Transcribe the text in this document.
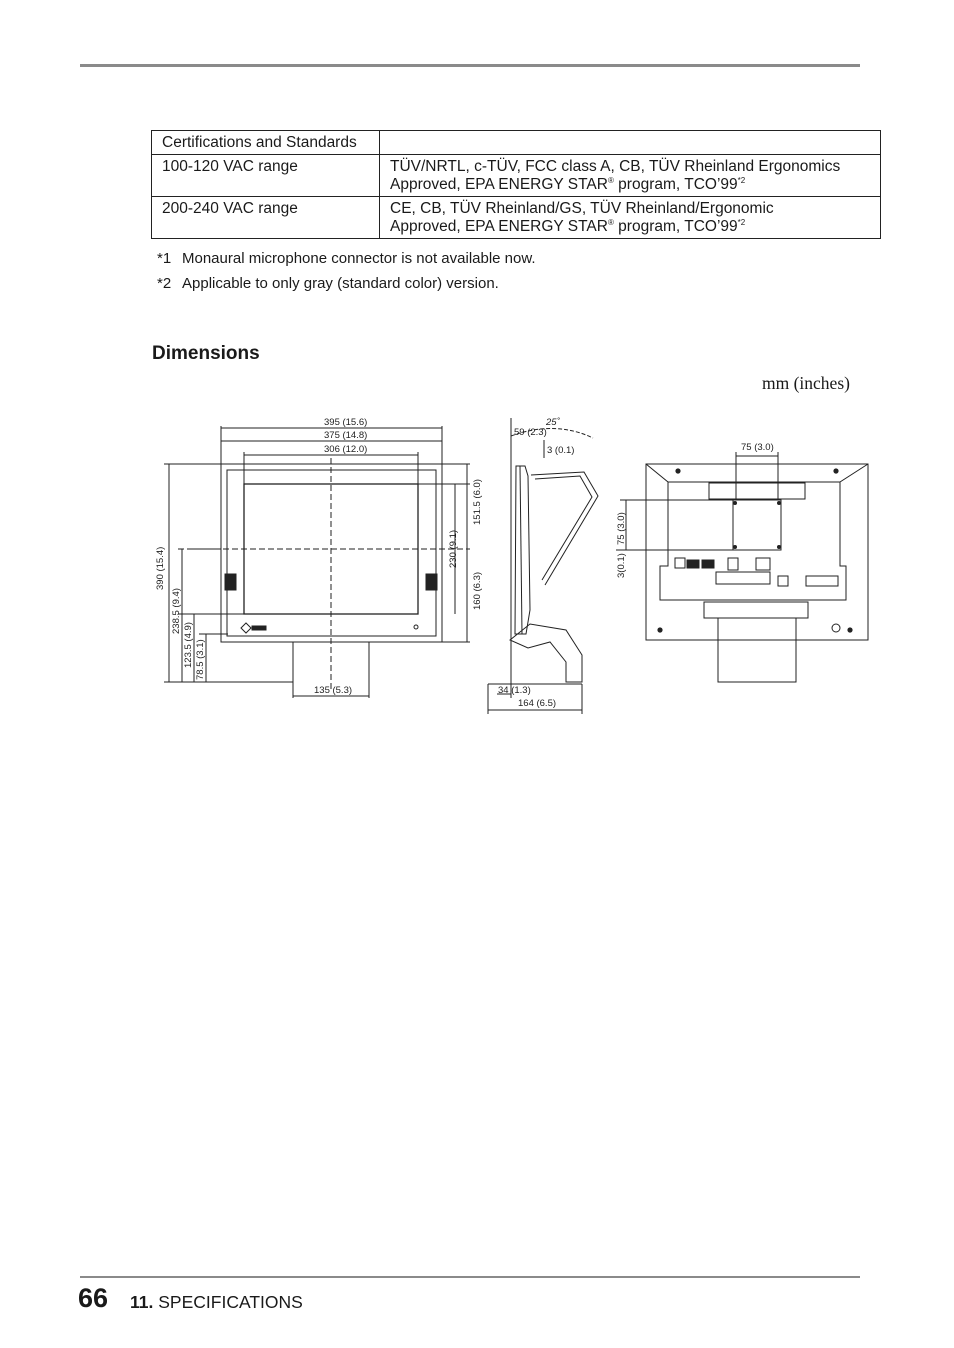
Certifications and Standards	
100-120 VAC range	TÜV/NRTL, c-TÜV, FCC class A, CB, TÜV Rheinland Ergonomics
Approved, EPA ENERGY STAR® program, TCO’99$^{*2}$
200-240 VAC range	CE, CB, TÜV Rheinland/GS, TÜV Rheinland/Ergonomic
Approved, EPA ENERGY STAR® program, TCO’99$^{*2}$
*1 Monaural microphone connector is not available now.
*2 Applicable to only gray (standard color) version.
Dimensions
mm (inches)
395 (15.6)
375 (14.8)
306 (12.0)
135 (5.3)
390 (15.4)
238.5 (9.4)
123.5 (4.9) 78.5 (3.1)
151.5 (6.0)
230 (9.1)
160 (6.3)
25˚
59 (2.3)
3 (0.1)
34 (1.3)
164 (6.5)
75 (3.0)
75 (3.0)
3(0.1)
66 11. SPECIFICATIONS
